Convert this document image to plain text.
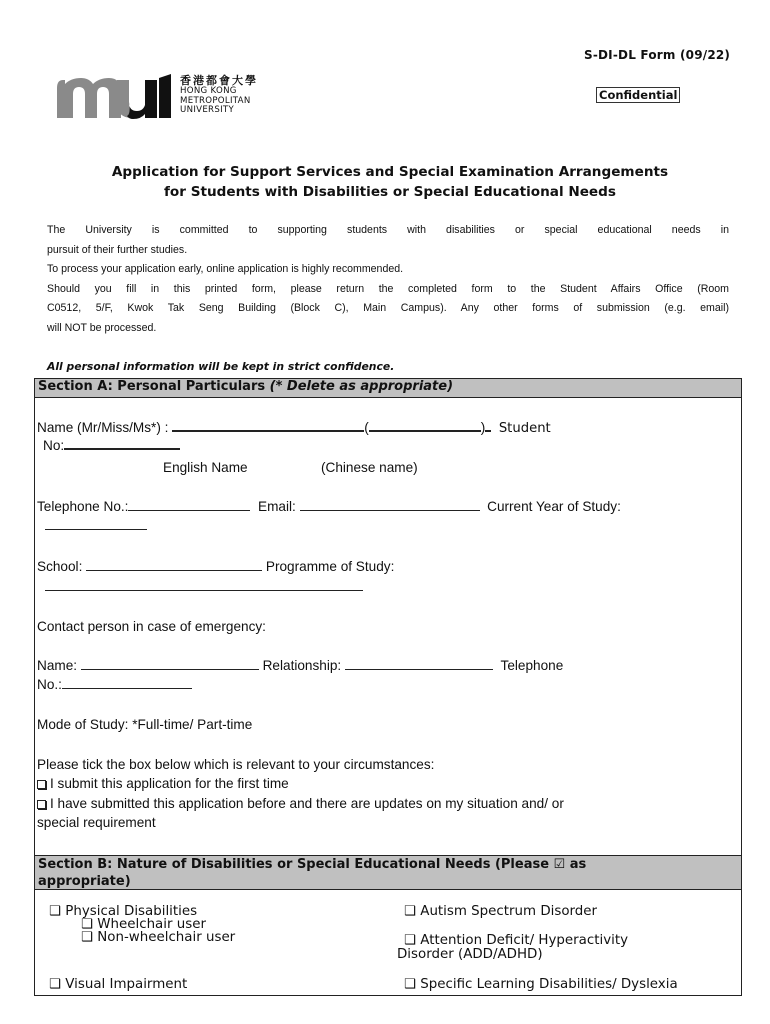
S-DI-DL Form (09/22)
Confidential
香港都會大學
HONG KONG
METROPOLITAN
UNIVERSITY
Application for Support Services and Special Examination Arrangements
for Students with Disabilities or Special Educational Needs

The University is committed to supporting students with disabilities or special educational needs in

pursuit of their further studies.

To process your application early, online application is highly recommended.

Should you fill in this printed form, please return the completed form to the Student Affairs Office (Room

C0512, 5/F, Kwok Tak Seng Building (Block C), Main Campus). Any other forms of submission (e.g. email)

will NOT be processed.

All personal information will be kept in strict confidence.
Section A: Personal Particulars (* Delete as appropriate)
Name (Mr/Miss/Ms*) :	(	) Student
No:
English Name	(Chinese name)
Telephone No.:	Email:	Current Year of Study:
School:	Programme of Study:
Contact person in case of emergency:
Name:	Relationship:	Telephone
No.:
Mode of Study: *Full-time/ Part-time
Please tick the box below which is relevant to your circumstances:
I submit this application for the first time
I have submitted this application before and there are updates on my situation and/ or
special requirement
Section B: Nature of Disabilities or Special Educational Needs (Please ☑ as
appropriate)
❑ Physical Disabilities
❑ Wheelchair user
❑ Non-wheelchair user
❑ Visual Impairment
❑ Autism Spectrum Disorder
❑ Attention Deficit/ Hyperactivity
Disorder (ADD/ADHD)
❑ Specific Learning Disabilities/ Dyslexia
